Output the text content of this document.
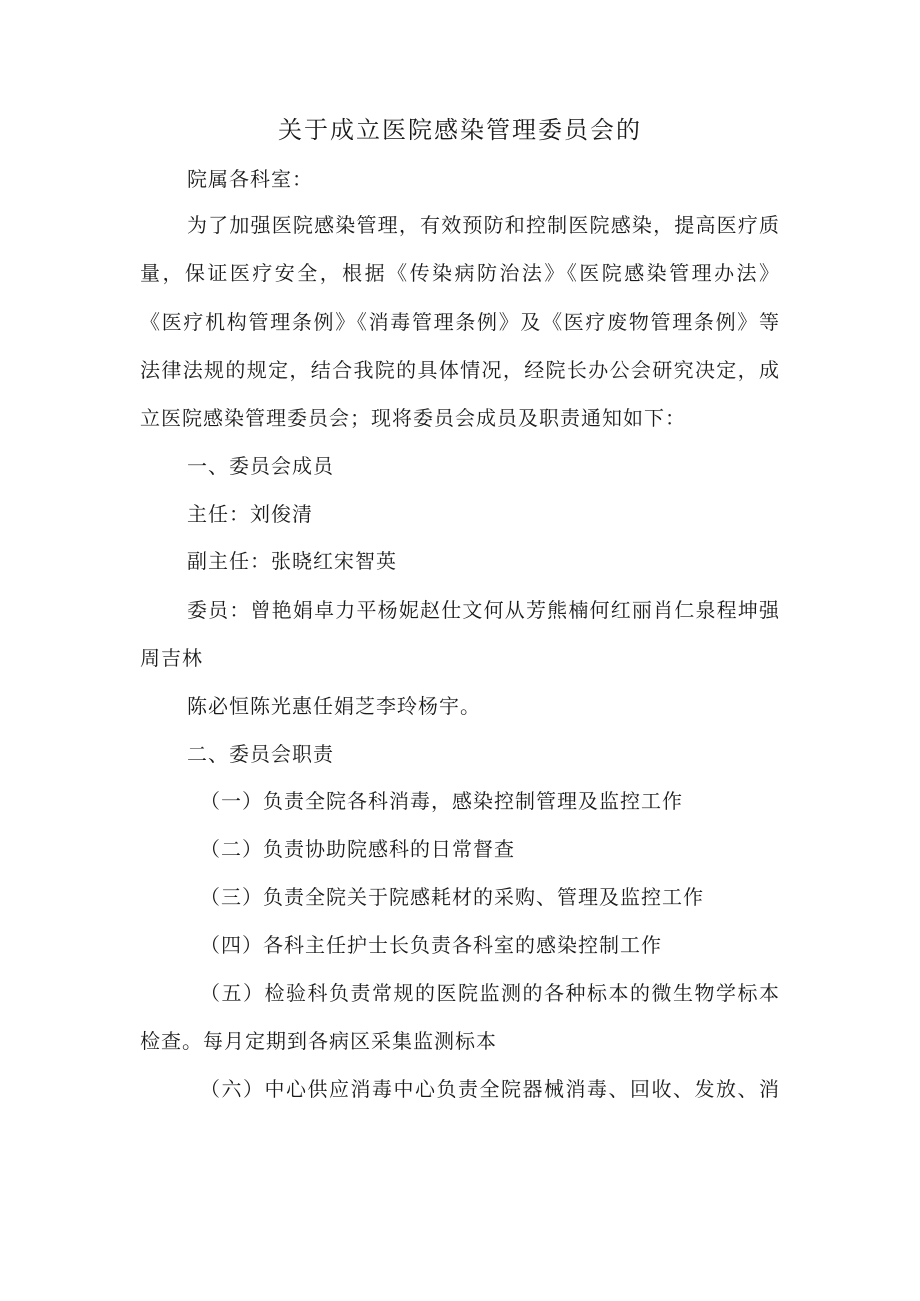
关于成立医院感染管理委员会的
院属各科室：
为了加强医院感染管理，有效预防和控制医院感染，提高医疗质
量，保证医疗安全，根据《传染病防治法》《医院感染管理办法》
《医疗机构管理条例》《消毒管理条例》及《医疗废物管理条例》等
法律法规的规定，结合我院的具体情况，经院长办公会研究决定，成
立医院感染管理委员会；现将委员会成员及职责通知如下：
一、委员会成员
主任：刘俊清
副主任：张晓红宋智英
委员：曾艳娟卓力平杨妮赵仕文何从芳熊楠何红丽肖仁泉程坤强
周吉林
陈必恒陈光惠任娟芝李玲杨宇。
二、委员会职责
（一）负责全院各科消毒，感染控制管理及监控工作
（二）负责协助院感科的日常督查
（三）负责全院关于院感耗材的采购、管理及监控工作
（四）各科主任护士长负责各科室的感染控制工作
（五）检验科负责常规的医院监测的各种标本的微生物学标本
检查。每月定期到各病区采集监测标本
（六）中心供应消毒中心负责全院器械消毒、回收、发放、消
